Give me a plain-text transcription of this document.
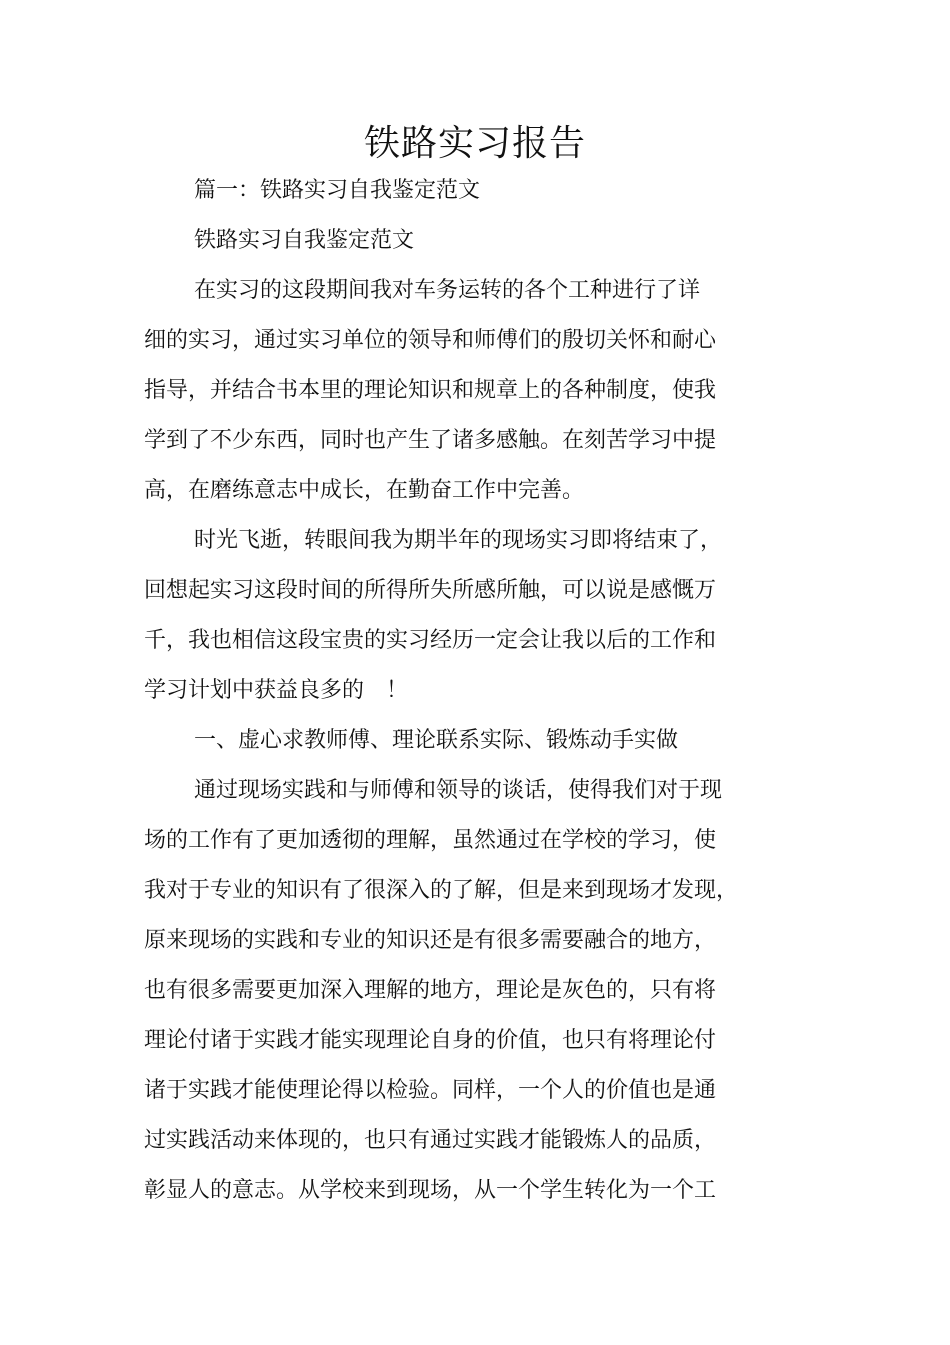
铁路实习报告
篇一：铁路实习自我鉴定范文
铁路实习自我鉴定范文
在实习的这段期间我对车务运转的各个工种进行了详
细的实习，通过实习单位的领导和师傅们的殷切关怀和耐心
指导，并结合书本里的理论知识和规章上的各种制度，使我
学到了不少东西，同时也产生了诸多感触。在刻苦学习中提
高，在磨练意志中成长，在勤奋工作中完善。
时光飞逝，转眼间我为期半年的现场实习即将结束了，
回想起实习这段时间的所得所失所感所触，可以说是感慨万
千，我也相信这段宝贵的实习经历一定会让我以后的工作和
学习计划中获益良多的　！
一、虚心求教师傅、理论联系实际、锻炼动手实做
通过现场实践和与师傅和领导的谈话，使得我们对于现
场的工作有了更加透彻的理解，虽然通过在学校的学习，使
我对于专业的知识有了很深入的了解，但是来到现场才发现，
原来现场的实践和专业的知识还是有很多需要融合的地方，
也有很多需要更加深入理解的地方，理论是灰色的，只有将
理论付诸于实践才能实现理论自身的价值，也只有将理论付
诸于实践才能使理论得以检验。同样，一个人的价值也是通
过实践活动来体现的，也只有通过实践才能锻炼人的品质，
彰显人的意志。从学校来到现场，从一个学生转化为一个工
